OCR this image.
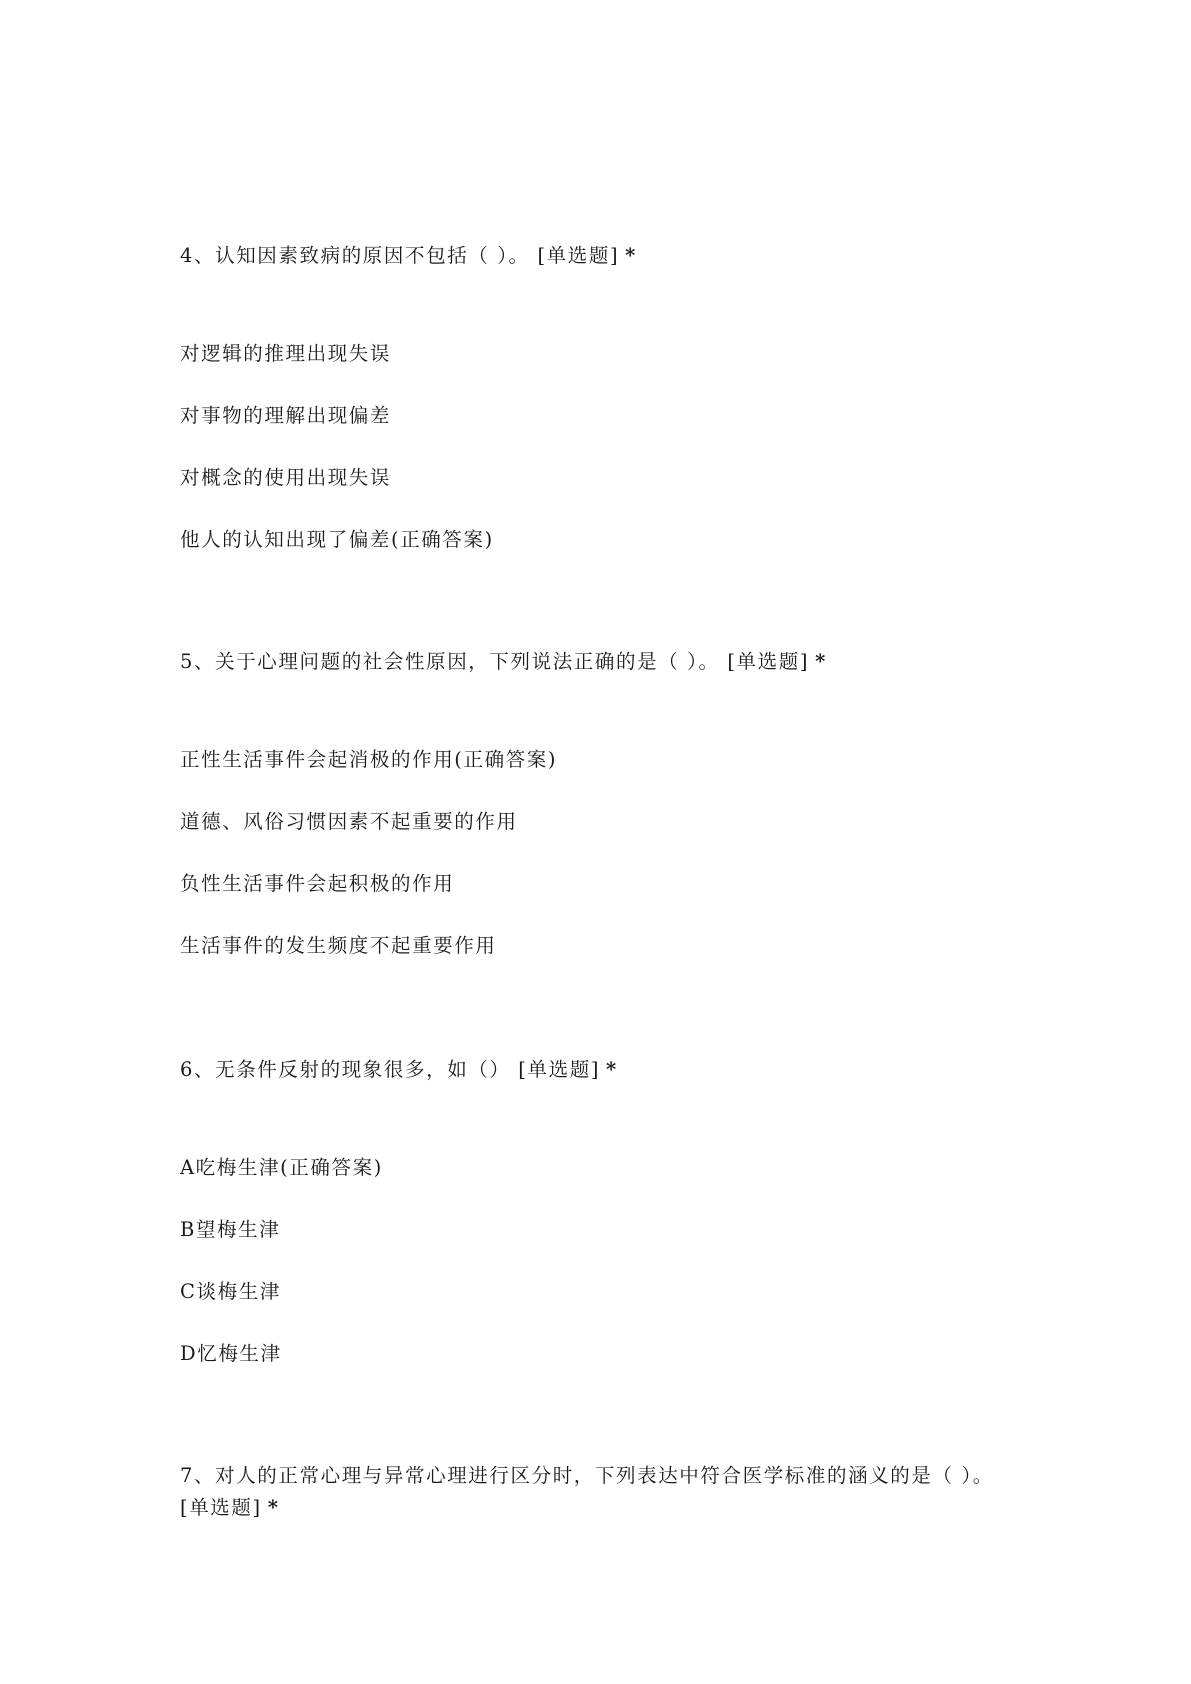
4、认知因素致病的原因不包括（ ）。 [单选题] *

对逻辑的推理出现失误

对事物的理解出现偏差

对概念的使用出现失误

他人的认知出现了偏差(正确答案)

5、关于心理问题的社会性原因，下列说法正确的是（ ）。 [单选题] *

正性生活事件会起消极的作用(正确答案)

道德、风俗习惯因素不起重要的作用

负性生活事件会起积极的作用

生活事件的发生频度不起重要作用

6、无条件反射的现象很多，如（） [单选题] *

A吃梅生津(正确答案)

B望梅生津

C谈梅生津

D忆梅生津

7、对人的正常心理与异常心理进行区分时，下列表达中符合医学标准的涵义的是（ ）。 [单选题] *
